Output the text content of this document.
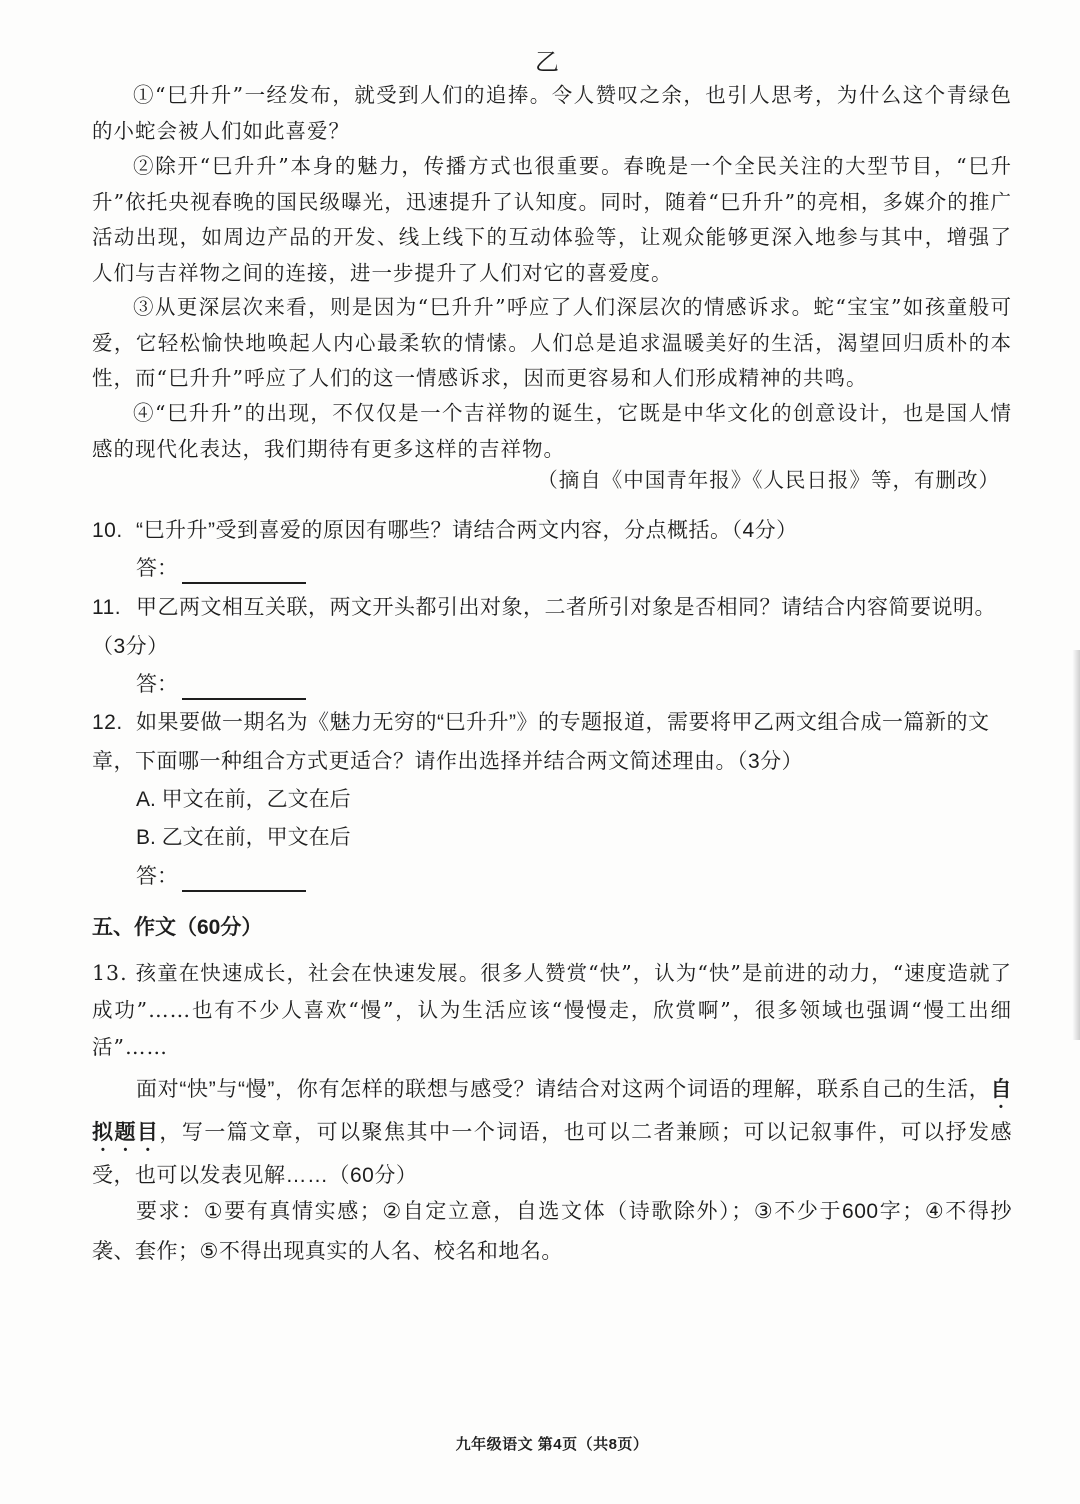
乙

①“巳升升”一经发布，就受到人们的追捧。令人赞叹之余，也引人思考，为什么这个青绿色的小蛇会被人们如此喜爱？

②除开“巳升升”本身的魅力，传播方式也很重要。春晚是一个全民关注的大型节目，“巳升升”依托央视春晚的国民级曝光，迅速提升了认知度。同时，随着“巳升升”的亮相，多媒介的推广活动出现，如周边产品的开发、线上线下的互动体验等，让观众能够更深入地参与其中，增强了人们与吉祥物之间的连接，进一步提升了人们对它的喜爱度。

③从更深层次来看，则是因为“巳升升”呼应了人们深层次的情感诉求。蛇“宝宝”如孩童般可爱，它轻松愉快地唤起人内心最柔软的情愫。人们总是追求温暖美好的生活，渴望回归质朴的本性，而“巳升升”呼应了人们的这一情感诉求，因而更容易和人们形成精神的共鸣。

④“巳升升”的出现，不仅仅是一个吉祥物的诞生，它既是中华文化的创意设计，也是国人情感的现代化表达，我们期待有更多这样的吉祥物。

（摘自《中国青年报》《人民日报》等，有删改）
10. “巳升升”受到喜爱的原因有哪些？请结合两文内容，分点概括。（4分）
答：
11. 甲乙两文相互关联，两文开头都引出对象，二者所引对象是否相同？请结合内容简要说明。（3分）
答：
12. 如果要做一期名为《魅力无穷的“巳升升”》的专题报道，需要将甲乙两文组合成一篇新的文章，下面哪一种组合方式更适合？请作出选择并结合两文简述理由。（3分）
A. 甲文在前，乙文在后
B. 乙文在前，甲文在后
答：
五、作文（60分）

13. 孩童在快速成长，社会在快速发展。很多人赞赏“快”，认为“快”是前进的动力，“速度造就了成功”……也有不少人喜欢“慢”，认为生活应该“慢慢走，欣赏啊”，很多领域也强调“慢工出细活”……

面对“快”与“慢”，你有怎样的联想与感受？请结合对这两个词语的理解，联系自己的生活，自拟题目，写一篇文章，可以聚焦其中一个词语，也可以二者兼顾；可以记叙事件，可以抒发感受，也可以发表见解……（60分）

要求：①要有真情实感；②自定立意，自选文体（诗歌除外）；③不少于600字；④不得抄袭、套作；⑤不得出现真实的人名、校名和地名。

九年级语文 第4页（共8页）
